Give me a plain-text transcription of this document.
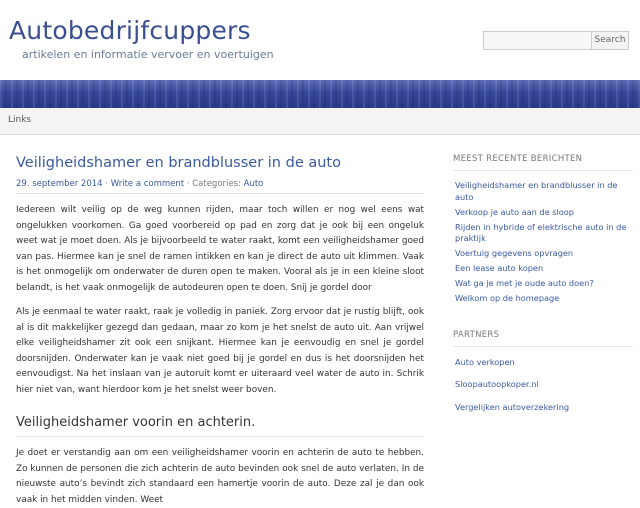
Autobedrijfcuppers
artikelen en informatie vervoer en voertuigen
Search
Links
Veiligheidshamer en brandblusser in de auto
29. september 2014 · Write a comment · Categories: Auto

Iedereen wilt veilig op de weg kunnen rijden, maar toch willen er nog wel eens wat ongelukken voorkomen. Ga goed voorbereid op pad en zorg dat je ook bij een ongeluk weet wat je moet doen. Als je bijvoorbeeld te water raakt, komt een veiligheidshamer goed van pas. Hiermee kan je snel de ramen intikken en kan je direct de auto uit klimmen. Vaak is het onmogelijk om onderwater de duren open te maken. Vooral als je in een kleine sloot belandt, is het vaak onmogelijk de autodeuren open te doen. Snij je gordel door

Als je eenmaal te water raakt, raak je volledig in paniek. Zorg ervoor dat je rustig blijft, ook al is dit makkelijker gezegd dan gedaan, maar zo kom je het snelst de auto uit. Aan vrijwel elke veiligheidshamer zit ook een snijkant. Hiermee kan je eenvoudig en snel je gordel doorsnijden. Onderwater kan je vaak niet goed bij je gordel en dus is het doorsnijden het eenvoudigst. Na het inslaan van je autoruit komt er uiteraard veel water de auto in. Schrik hier niet van, want hierdoor kom je het snelst weer boven.

Veiligheidshamer voorin en achterin.

Je doet er verstandig aan om een veiligheidshamer voorin en achterin de auto te hebben. Zo kunnen de personen die zich achterin de auto bevinden ook snel de auto verlaten. In de nieuwste auto’s bevindt zich standaard een hamertje voorin de auto. Deze zal je dan ook vaak in het midden vinden. Weet

MEEST RECENTE BERICHTEN
Veiligheidshamer en brandblusser in de auto
Verkoop je auto aan de sloop
Rijden in hybride of elektrische auto in de praktijk
Voertuig gegevens opvragen
Een lease auto kopen
Wat ga je met je oude auto doen?
Welkom op de homepage
PARTNERS
Auto verkopen
Sloopautoopkoper.nl
Vergelijken autoverzekering
